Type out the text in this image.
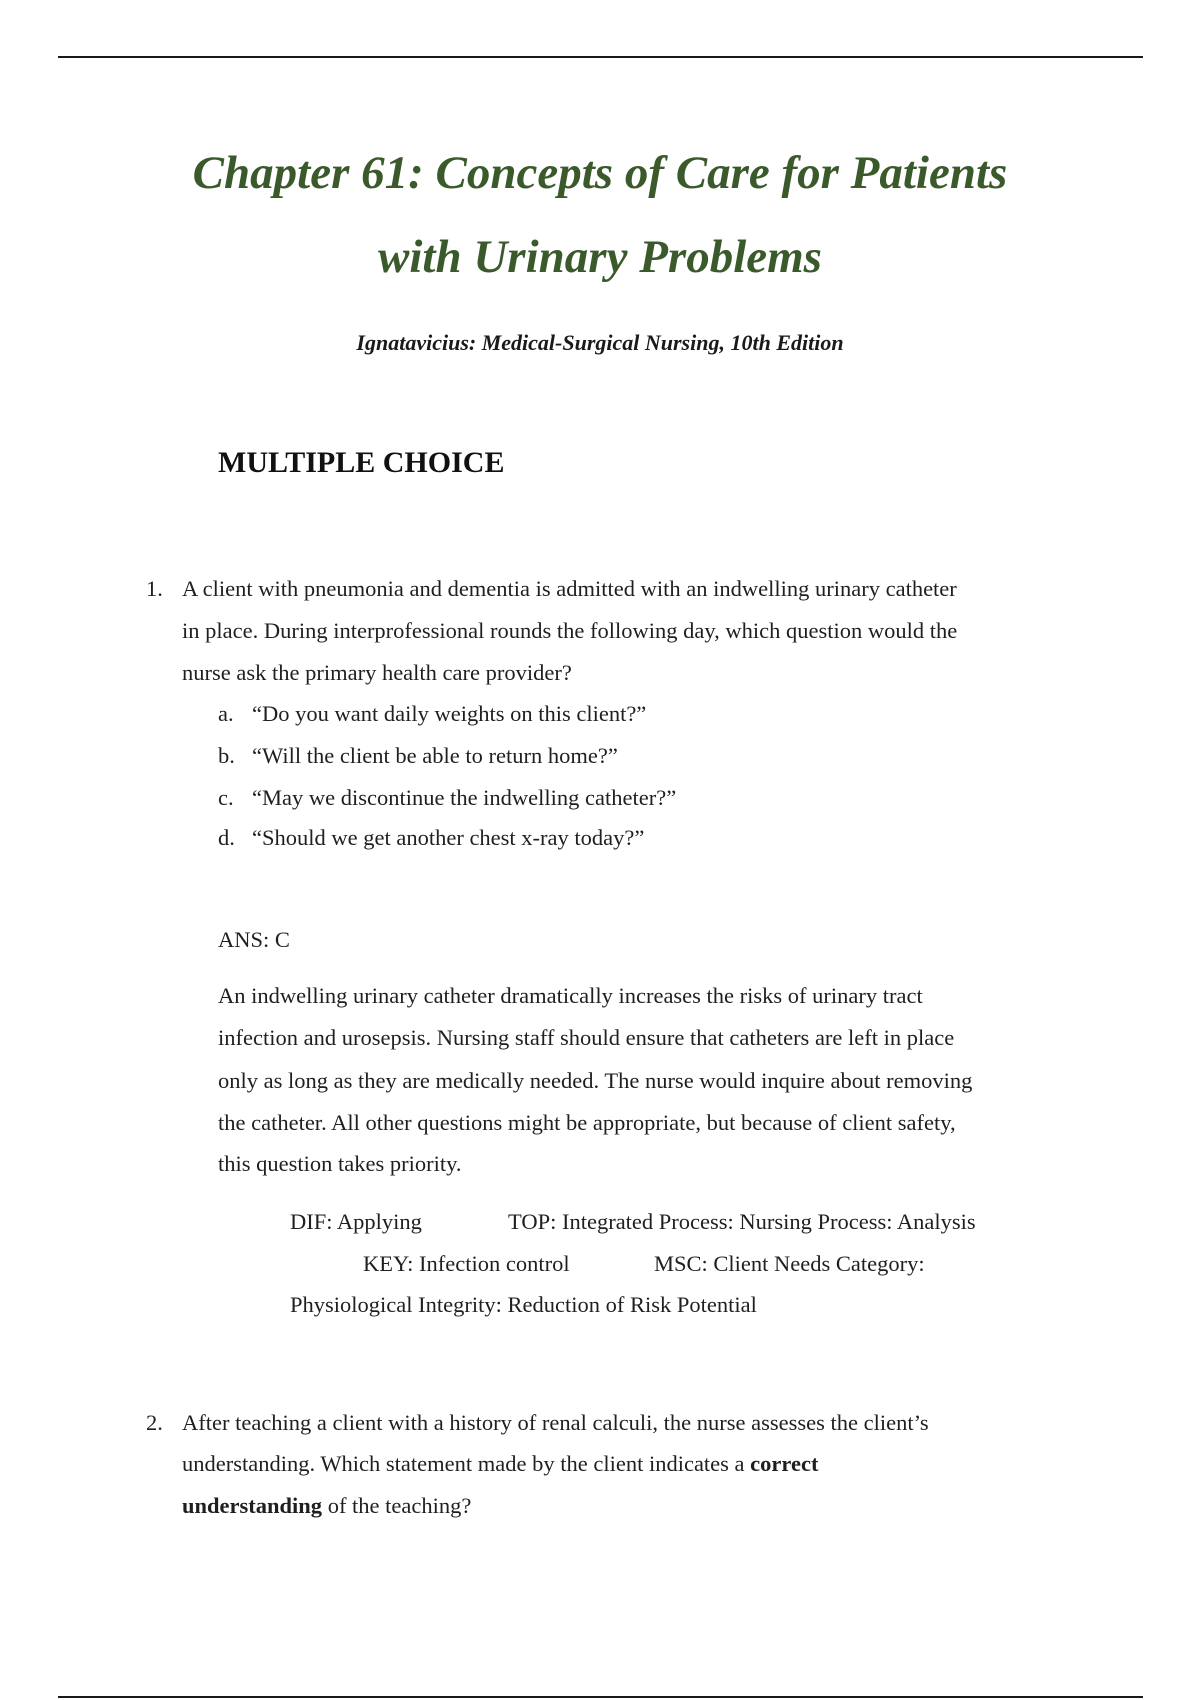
Chapter 61: Concepts of Care for Patients
with Urinary Problems
Ignatavicius: Medical-Surgical Nursing, 10th Edition
MULTIPLE CHOICE
1. A client with pneumonia and dementia is admitted with an indwelling urinary catheter
in place. During interprofessional rounds the following day, which question would the
nurse ask the primary health care provider?
a. “Do you want daily weights on this client?”
b. “Will the client be able to return home?”
c. “May we discontinue the indwelling catheter?”
d. “Should we get another chest x-ray today?”
ANS: C
An indwelling urinary catheter dramatically increases the risks of urinary tract
infection and urosepsis. Nursing staff should ensure that catheters are left in place
only as long as they are medically needed. The nurse would inquire about removing
the catheter. All other questions might be appropriate, but because of client safety,
this question takes priority.
DIF: Applying	TOP: Integrated Process: Nursing Process: Analysis
KEY: Infection control	MSC: Client Needs Category:
Physiological Integrity: Reduction of Risk Potential
2. After teaching a client with a history of renal calculi, the nurse assesses the client’s
understanding. Which statement made by the client indicates a correct
understanding of the teaching?
